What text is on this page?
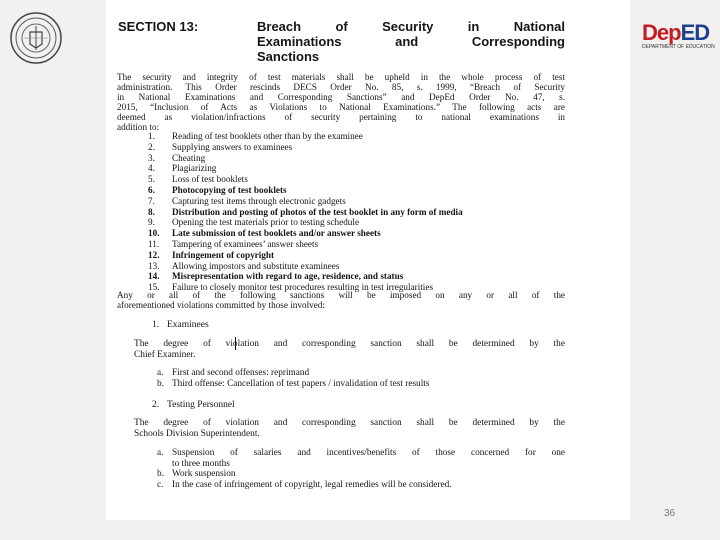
DepED
DEPARTMENT OF EDUCATION
SECTION 13:	Breach of Security in National
Examinations and Corresponding
Sanctions
The security and integrity of test materials shall be upheld in the whole process of test
administration. This Order rescinds DECS Order No. 85, s. 1999, “Breach of Security
in National Examinations and Corresponding Sanctions” and DepEd Order No. 47, s.
2015, “Inclusion of Acts as Violations to National Examinations.” The following acts are
deemed as violation/infractions of security pertaining to national examinations in
addition to:
1.	Reading of test booklets other than by the examinee
2.	Supplying answers to examinees
3.	Cheating
4.	Plagiarizing
5.	Loss of test booklets
6.	Photocopying of test booklets
7.	Capturing test items through electronic gadgets
8.	Distribution and posting of photos of the test booklet in any form of media
9.	Opening the test materials prior to testing schedule
10.	Late submission of test booklets and/or answer sheets
11.	Tampering of examinees’ answer sheets
12.	Infringement of copyright
13.	Allowing impostors and substitute examinees
14.	Misrepresentation with regard to age, residence, and status
15.	Failure to closely monitor test procedures resulting in test irregularities
Any or all of the following sanctions will be imposed on any or all of the
aforementioned violations committed by those involved:
1. Examinees
The degree of violation and corresponding sanction shall be determined by the
Chief Examiner.
a. First and second offenses: reprimand
b. Third offense: Cancellation of test papers / invalidation of test results
2. Testing Personnel
The degree of violation and corresponding sanction shall be determined by the
Schools Division Superintendent.
a. Suspension of salaries and incentives/benefits of those concerned for one
to three months
b. Work suspension
c. In the case of infringement of copyright, legal remedies will be considered.
36
